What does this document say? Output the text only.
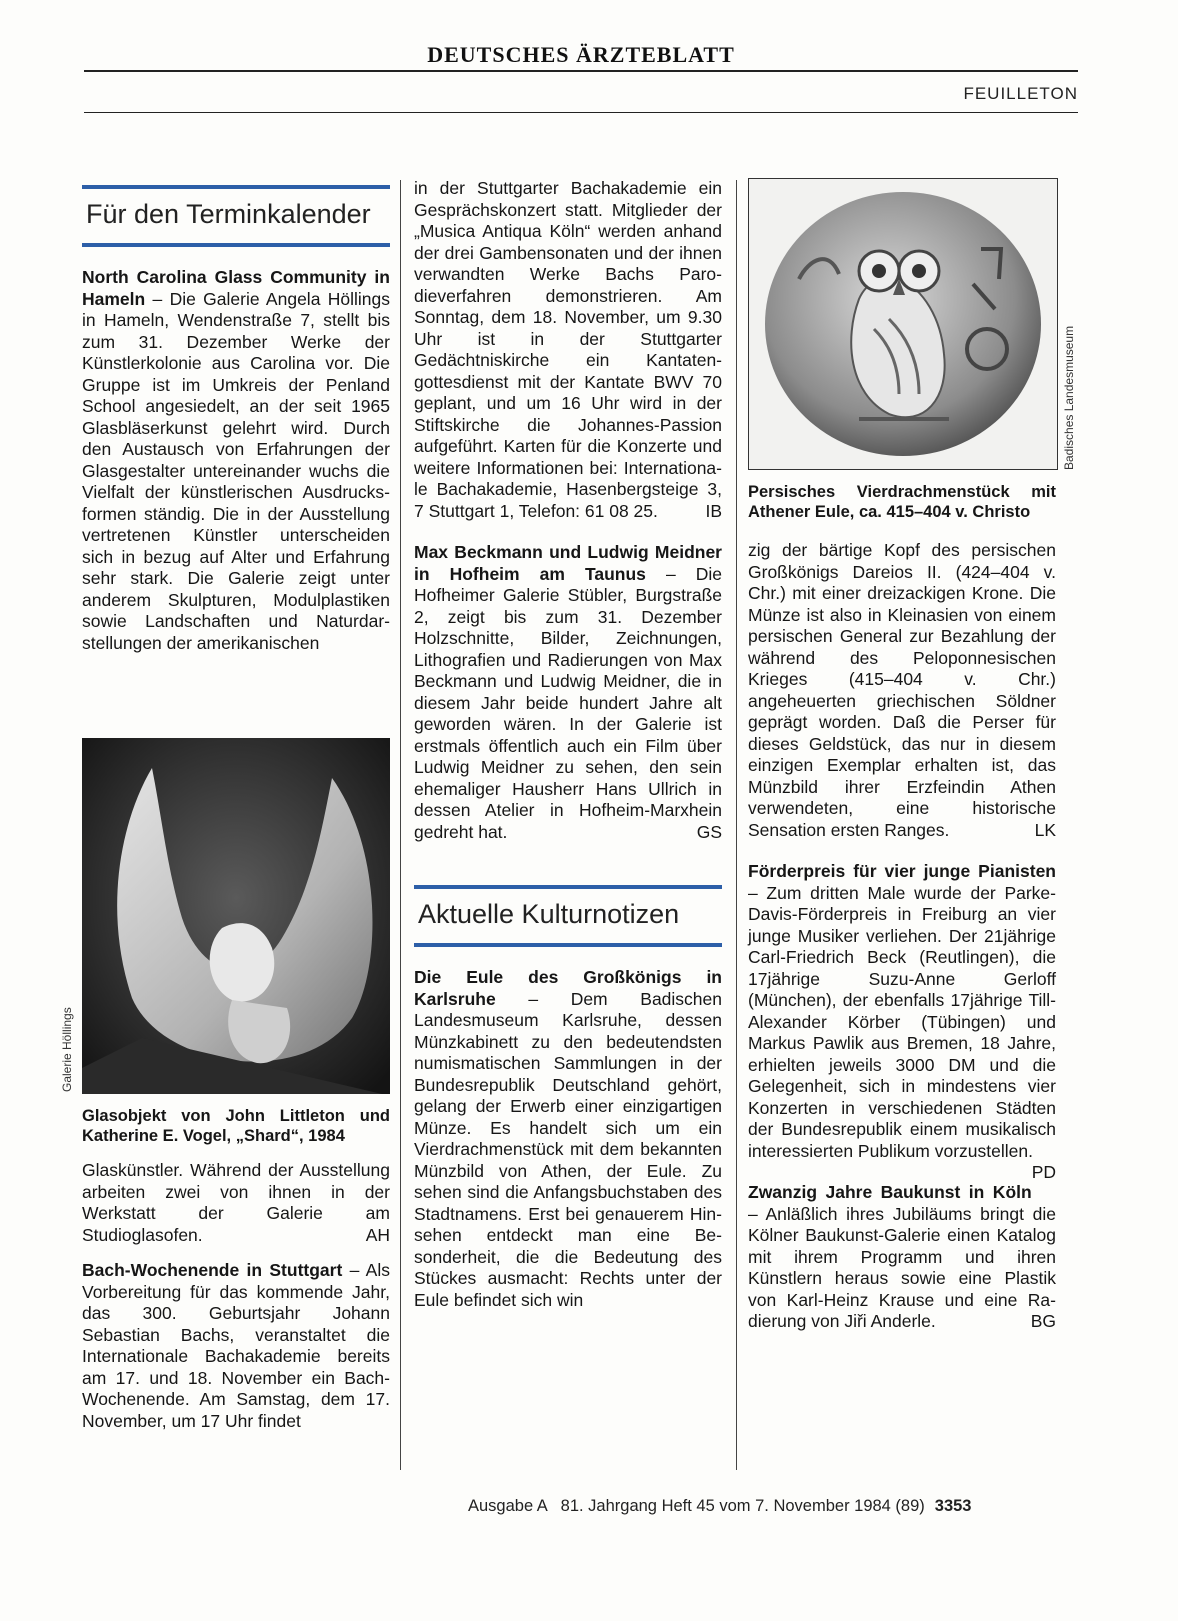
DEUTSCHES ÄRZTEBLATT
FEUILLETON
Für den Terminkalender

North Carolina Glass Community in Hameln – Die Galerie Angela Höllings in Hameln, Wendenstraße 7, stellt bis zum 31. Dezember Werke der Künstlerkolonie aus Carolina vor. Die Gruppe ist im Umkreis der Penland School angesiedelt, an der seit 1965 Glasbläserkunst gelehrt wird. Durch den Austausch von Erfahrungen der Glasgestalter untereinander wuchs die Vielfalt der künstlerischen Ausdrucksformen ständig. Die in der Ausstellung vertretenen Künstler unterscheiden sich in bezug auf Alter und Erfahrung sehr stark. Die Galerie zeigt unter anderem Skulpturen, Modulplastiken sowie Landschaften und Naturdarstellungen der amerikanischen

Galerie Höllings

Glasobjekt von John Littleton und Katherine E. Vogel, „Shard“, 1984

Glaskünstler. Während der Ausstellung arbeiten zwei von ihnen in der Werkstatt der Galerie am Studioglasofen.	AH

Bach-Wochenende in Stuttgart – Als Vorbereitung für das kommende Jahr, das 300. Geburtsjahr Johann Sebastian Bachs, veranstaltet die Internationale Bachakademie bereits am 17. und 18. November ein Bach-Wochenende. Am Samstag, dem 17. November, um 17 Uhr findet

in der Stuttgarter Bachakademie ein Gesprächskonzert statt. Mitglieder der „Musica Antiqua Köln“ werden anhand der drei Gambensonaten und der ihnen verwandten Werke Bachs Parodieverfahren demonstrieren. Am Sonntag, dem 18. November, um 9.30 Uhr ist in der Stuttgarter Gedächtniskirche ein Kantatengottesdienst mit der Kantate BWV 70 geplant, und um 16 Uhr wird in der Stiftskirche die Johannes-Passion aufgeführt. Karten für die Konzerte und weitere Informationen bei: Internationale Bachakademie, Hasenbergsteige 3, 7 Stuttgart 1, Telefon: 61 08 25.	IB

Max Beckmann und Ludwig Meidner in Hofheim am Taunus – Die Hofheimer Galerie Stübler, Burgstraße 2, zeigt bis zum 31. Dezember Holzschnitte, Bilder, Zeichnungen, Lithografien und Radierungen von Max Beckmann und Ludwig Meidner, die in diesem Jahr beide hundert Jahre alt geworden wären. In der Galerie ist erstmals öffentlich auch ein Film über Ludwig Meidner zu sehen, den sein ehemaliger Hausherr Hans Ullrich in dessen Atelier in Hofheim-Marxhein gedreht hat.	GS

Aktuelle Kulturnotizen

Die Eule des Großkönigs in Karlsruhe – Dem Badischen Landesmuseum Karlsruhe, dessen Münzkabinett zu den bedeutendsten numismatischen Sammlungen in der Bundesrepublik Deutschland gehört, gelang der Erwerb einer einzigartigen Münze. Es handelt sich um ein Vierdrachmenstück mit dem bekannten Münzbild von Athen, der Eule. Zu sehen sind die Anfangsbuchstaben des Stadtnamens. Erst bei genauerem Hinsehen entdeckt man eine Besonderheit, die die Bedeutung des Stückes ausmacht: Rechts unter der Eule befindet sich win

Badisches Landesmuseum

Persisches Vierdrachmenstück mit Athener Eule, ca. 415–404 v. Christo

zig der bärtige Kopf des persischen Großkönigs Dareios II. (424–404 v. Chr.) mit einer dreizackigen Krone. Die Münze ist also in Kleinasien von einem persischen General zur Bezahlung der während des Peloponnesischen Krieges (415–404 v. Chr.) angeheuerten griechischen Söldner geprägt worden. Daß die Perser für dieses Geldstück, das nur in diesem einzigen Exemplar erhalten ist, das Münzbild ihrer Erzfeindin Athen verwendeten, eine historische Sensation ersten Ranges.	LK

Förderpreis für vier junge Pianisten – Zum dritten Male wurde der Parke-Davis-Förderpreis in Freiburg an vier junge Musiker verliehen. Der 21jährige Carl-Friedrich Beck (Reutlingen), die 17jährige Suzu-Anne Gerloff (München), der ebenfalls 17jährige Till-Alexander Körber (Tübingen) und Markus Pawlik aus Bremen, 18 Jahre, erhielten jeweils 3000 DM und die Gelegenheit, sich in mindestens vier Konzerten in verschiedenen Städten der Bundesrepublik einem musikalisch interessierten Publikum vorzustellen.
PD

Zwanzig Jahre Baukunst in Köln – Anläßlich ihres Jubiläums bringt die Kölner Baukunst-Galerie einen Katalog mit ihrem Programm und ihren Künstlern heraus sowie eine Plastik von Karl-Heinz Krause und eine Radierung von Jiři Anderle.	BG

Ausgabe A   81. Jahrgang Heft 45 vom 7. November 1984 (89) 3353
